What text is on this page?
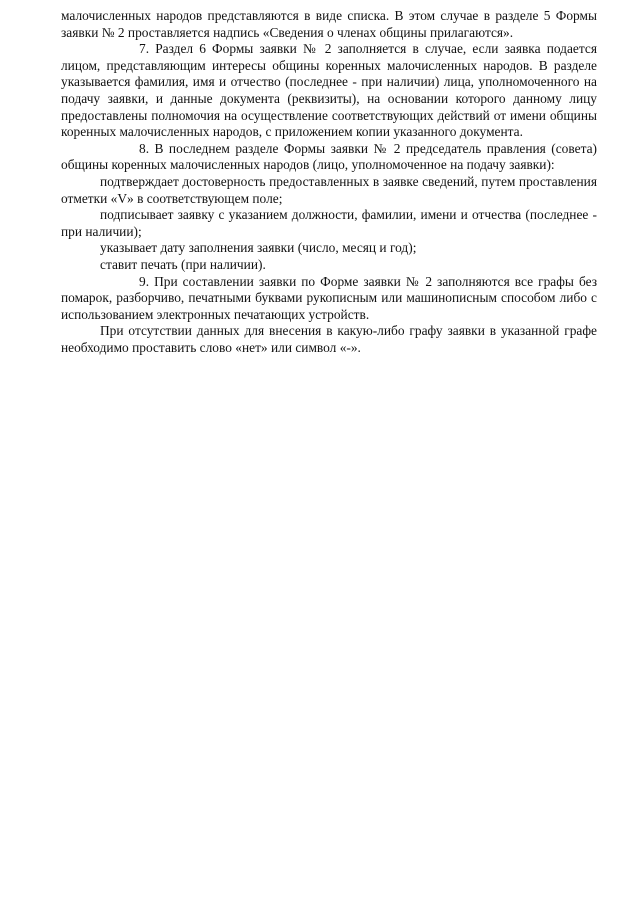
малочисленных народов представляются в виде списка. В этом случае в разделе 5 Формы заявки № 2 проставляется надпись «Сведения о членах общины прилагаются».

7. Раздел 6 Формы заявки № 2 заполняется в случае, если заявка подается лицом, представляющим интересы общины коренных малочисленных народов. В разделе указывается фамилия, имя и отчество (последнее - при наличии) лица, уполномоченного на подачу заявки, и данные документа (реквизиты), на основании которого данному лицу предоставлены полномочия на осуществление соответствующих действий от имени общины коренных малочисленных народов, с приложением копии указанного документа.

8. В последнем разделе Формы заявки № 2 председатель правления (совета) общины коренных малочисленных народов (лицо, уполномоченное на подачу заявки):

подтверждает достоверность предоставленных в заявке сведений, путем проставления отметки «V» в соответствующем поле;

подписывает заявку с указанием должности, фамилии, имени и отчества (последнее - при наличии);

указывает дату заполнения заявки (число, месяц и год);

ставит печать (при наличии).

9. При составлении заявки по Форме заявки № 2 заполняются все графы без помарок, разборчиво, печатными буквами рукописным или машинописным способом либо с использованием электронных печатающих устройств.

При отсутствии данных для внесения в какую-либо графу заявки в указанной графе необходимо проставить слово «нет» или символ «-».
